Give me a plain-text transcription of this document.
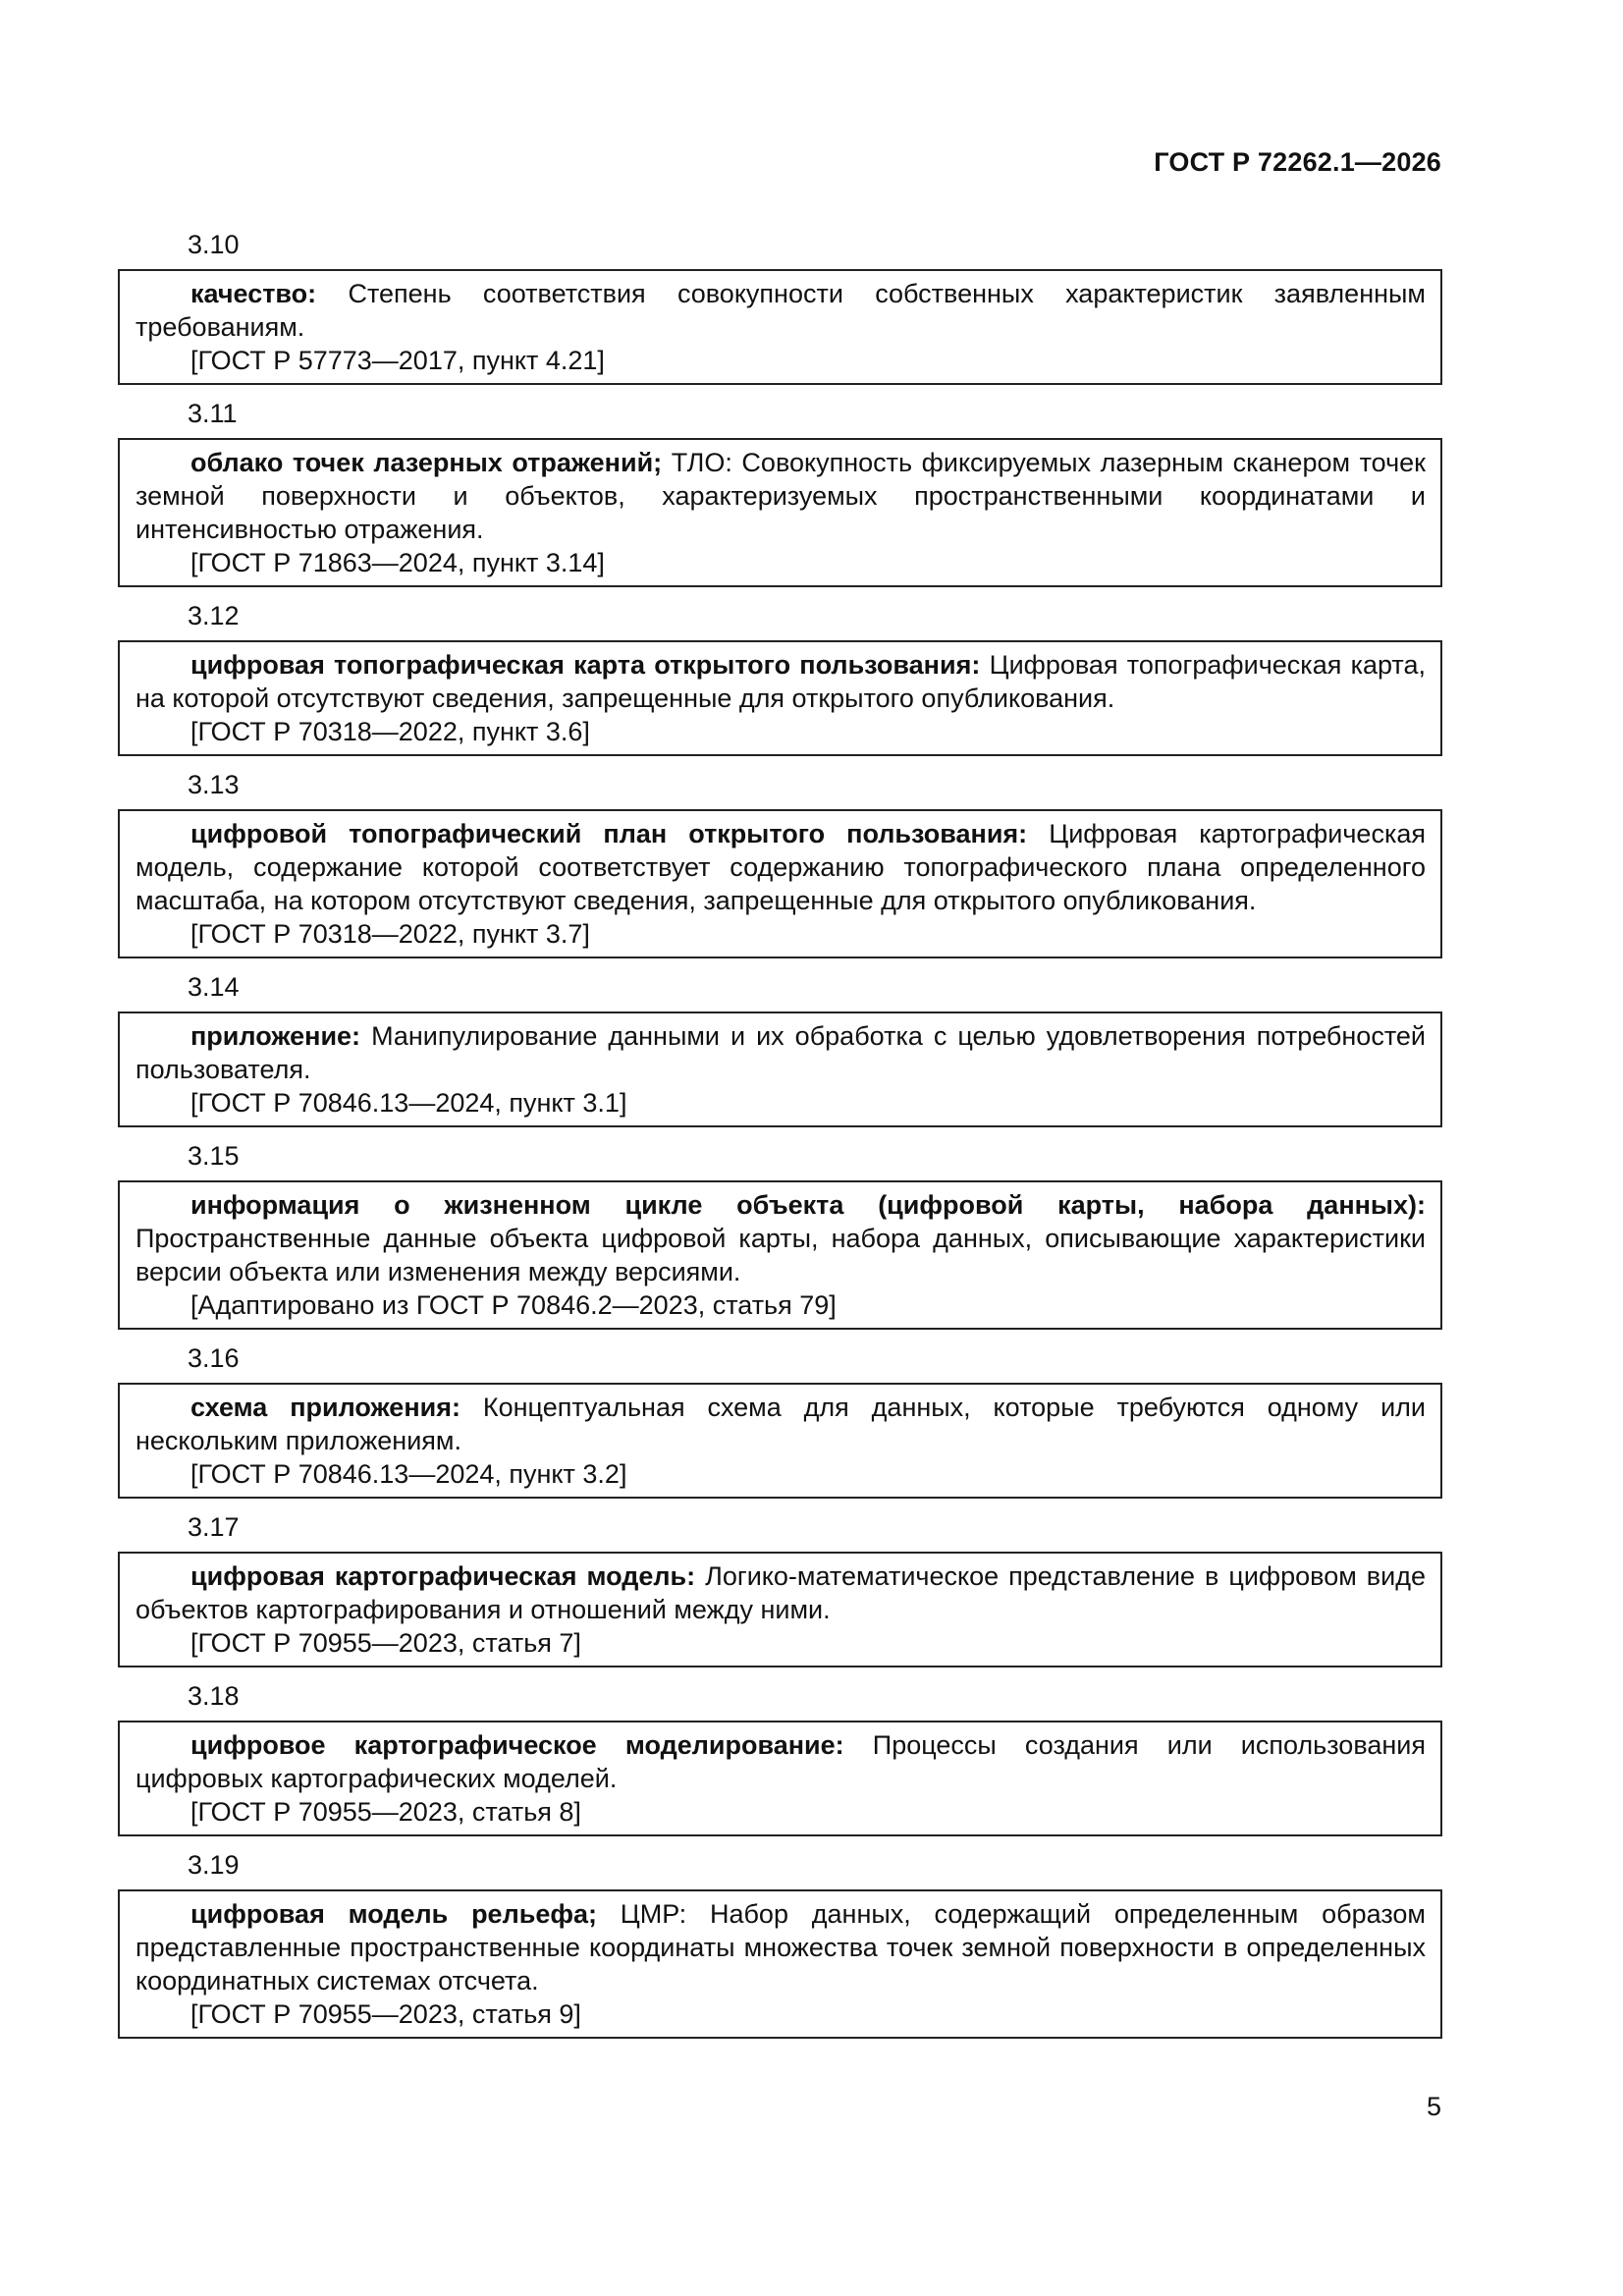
ГОСТ Р 72262.1—2026
3.10

качество: Степень соответствия совокупности собственных характеристик заявленным требованиям.

[ГОСТ Р 57773—2017, пункт 4.21]

3.11

облако точек лазерных отражений; ТЛО: Совокупность фиксируемых лазерным сканером точек земной поверхности и объектов, характеризуемых пространственными координатами и интенсивностью отражения.

[ГОСТ Р 71863—2024, пункт 3.14]

3.12

цифровая топографическая карта открытого пользования: Цифровая топографическая карта, на которой отсутствуют сведения, запрещенные для открытого опубликования.

[ГОСТ Р 70318—2022, пункт 3.6]

3.13

цифровой топографический план открытого пользования: Цифровая картографическая модель, содержание которой соответствует содержанию топографического плана определенного масштаба, на котором отсутствуют сведения, запрещенные для открытого опубликования.

[ГОСТ Р 70318—2022, пункт 3.7]

3.14

приложение: Манипулирование данными и их обработка с целью удовлетворения потребностей пользователя.

[ГОСТ Р 70846.13—2024, пункт 3.1]

3.15

информация о жизненном цикле объекта (цифровой карты, набора данных): Пространственные данные объекта цифровой карты, набора данных, описывающие характеристики версии объекта или изменения между версиями.

[Адаптировано из ГОСТ Р 70846.2—2023, статья 79]

3.16

схема приложения: Концептуальная схема для данных, которые требуются одному или нескольким приложениям.

[ГОСТ Р 70846.13—2024, пункт 3.2]

3.17

цифровая картографическая модель: Логико-математическое представление в цифровом виде объектов картографирования и отношений между ними.

[ГОСТ Р 70955—2023, статья 7]

3.18

цифровое картографическое моделирование: Процессы создания или использования цифровых картографических моделей.

[ГОСТ Р 70955—2023, статья 8]

3.19

цифровая модель рельефа; ЦМР: Набор данных, содержащий определенным образом представленные пространственные координаты множества точек земной поверхности в определенных координатных системах отсчета.

[ГОСТ Р 70955—2023, статья 9]

5
